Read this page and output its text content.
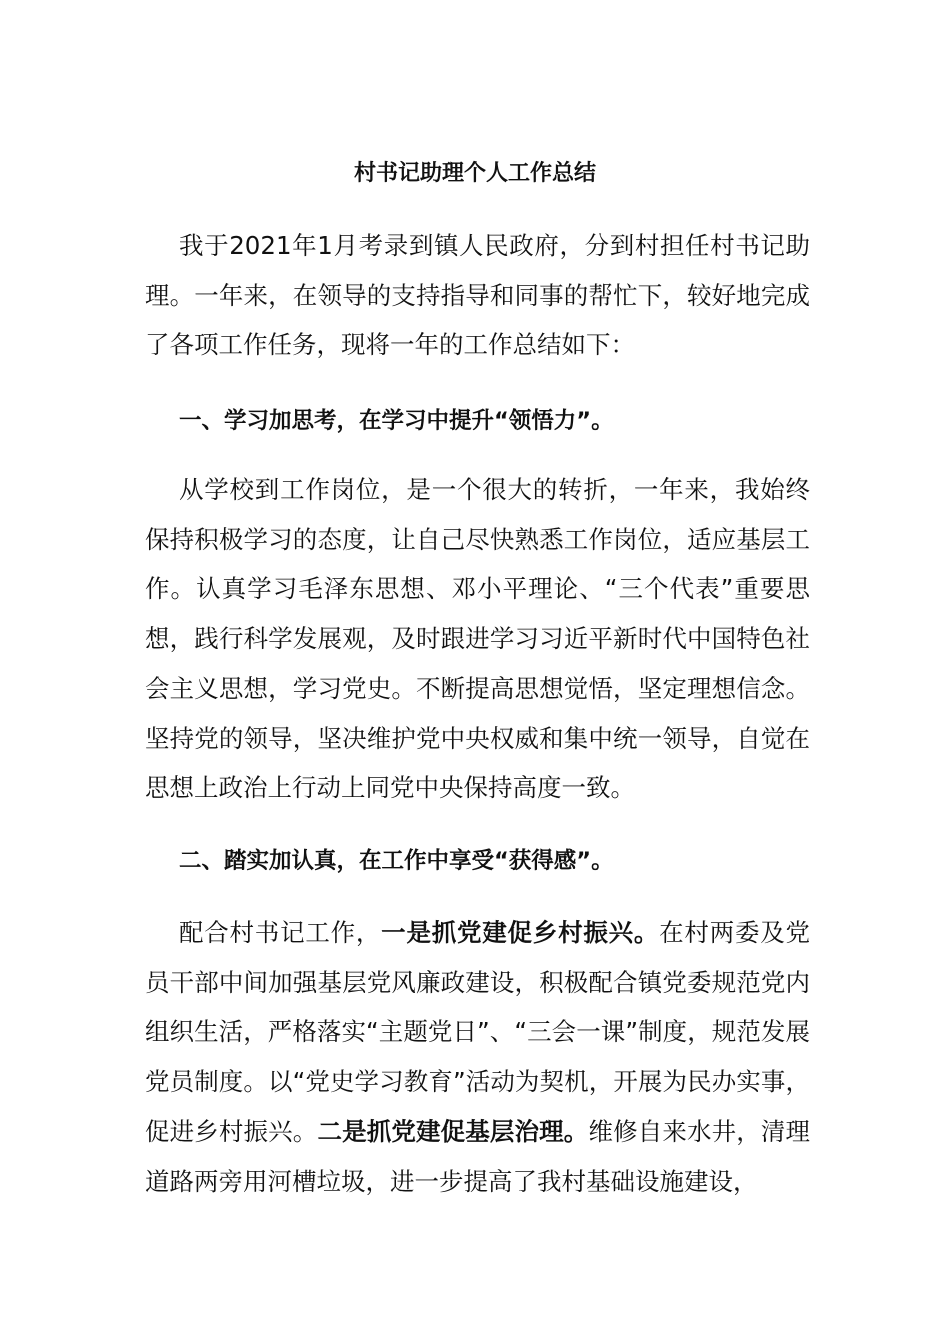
村书记助理个人工作总结

我于2021年1月考录到镇人民政府，分到村担任村书记助理。一年来，在领导的支持指导和同事的帮忙下，较好地完成了各项工作任务，现将一年的工作总结如下：

一、学习加思考，在学习中提升“领悟力”。

从学校到工作岗位，是一个很大的转折，一年来，我始终保持积极学习的态度，让自己尽快熟悉工作岗位，适应基层工作。认真学习毛泽东思想、邓小平理论、“三个代表”重要思想，践行科学发展观，及时跟进学习习近平新时代中国特色社会主义思想，学习党史。不断提高思想觉悟，坚定理想信念。坚持党的领导，坚决维护党中央权威和集中统一领导，自觉在思想上政治上行动上同党中央保持高度一致。

二、踏实加认真，在工作中享受“获得感”。

配合村书记工作，一是抓党建促乡村振兴。在村两委及党员干部中间加强基层党风廉政建设，积极配合镇党委规范党内组织生活，严格落实“主题党日”、“三会一课”制度，规范发展党员制度。以“党史学习教育”活动为契机，开展为民办实事，促进乡村振兴。二是抓党建促基层治理。维修自来水井，清理道路两旁用河槽垃圾，进一步提高了我村基础设施建设，
